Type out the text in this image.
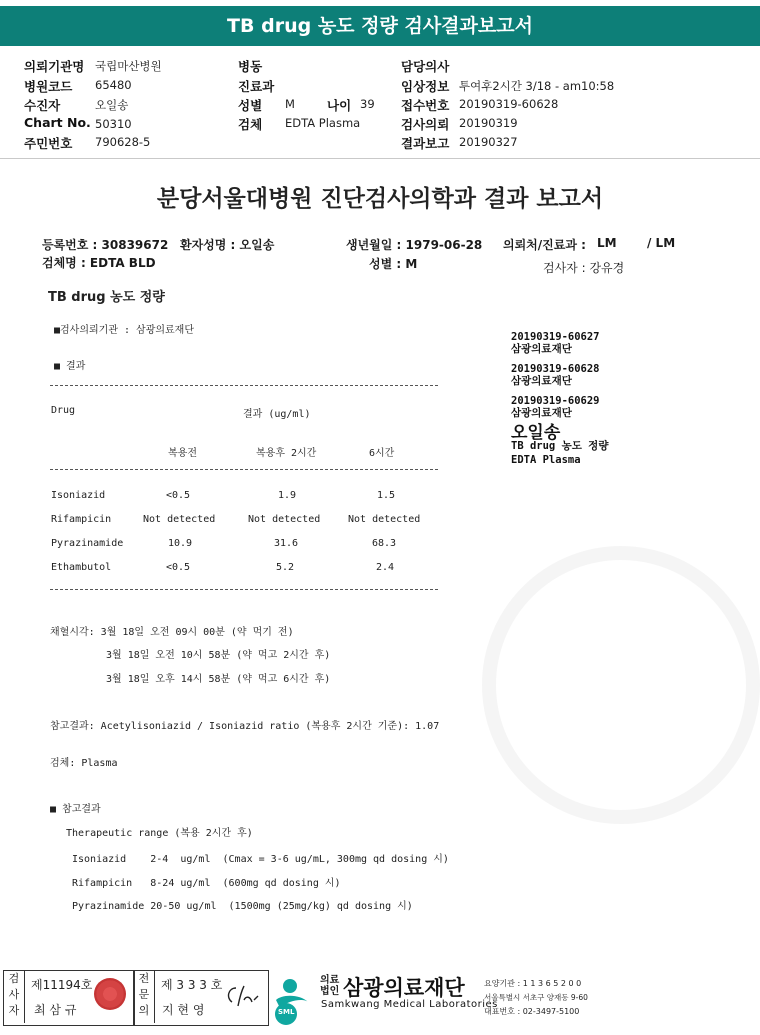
TB drug 농도 정량 검사결과보고서
의뢰기관명 국립마산병원
병원코드 65480
수진자	오일송
Chart No. 50310
주민번호 790628-5
병동
진료과
성별 M	나이 39
검체 EDTA Plasma
담당의사
임상정보 투여후2시간 3/18 - am10:58
접수번호 20190319-60628
검사의뢰 20190319
결과보고 20190327
분당서울대병원 진단검사의학과 결과 보고서
등록번호 : 30839672 환자성명 : 오일송	생년월일 : 1979-06-28 의뢰처/진료과 : LM	/ LM
검체명 : EDTA BLD	성별 : M	검사자 : 강유경
TB drug 농도 정량
■검사의뢰기관 : 삼광의료재단
■ 결과
Drug	결과 (ug/ml)
복용전	복용후 2시간	6시간
Isoniazid	<0.5	1.9	1.5
Rifampicin	Not detected	Not detected	Not detected
Pyrazinamide	10.9	31.6	68.3
Ethambutol	<0.5	5.2	2.4
채혈시각: 3월 18일 오전 09시 00분 (약 먹기 전)
3월 18일 오전 10시 58분 (약 먹고 2시간 후)
3월 18일 오후 14시 58분 (약 먹고 6시간 후)
참고결과: Acetylisoniazid / Isoniazid ratio (복용후 2시간 기준): 1.07
검체: Plasma
■ 참고결과
Therapeutic range (복용 2시간 후)
Isoniazid    2-4  ug/ml  (Cmax = 3-6 ug/mL, 300mg qd dosing 시)
Rifampicin   8-24 ug/ml  (600mg qd dosing 시)
Pyrazinamide 20-50 ug/ml  (1500mg (25mg/kg) qd dosing 시)
20190319-60627
삼광의료재단
20190319-60628
삼광의료재단
20190319-60629
삼광의료재단
오일송
TB drug 농도 정량
EDTA Plasma
검사자
제11194호
최 삼 규
전문의
제 3 3 3 호
지 현 영	SML
의료법인 삼광의료재단
Samkwang Medical Laboratories
요양기관 : 1 1 3 6 5 2 0 0
서울특별시 서초구 양재동 9-60
대표번호 : 02-3497-5100
